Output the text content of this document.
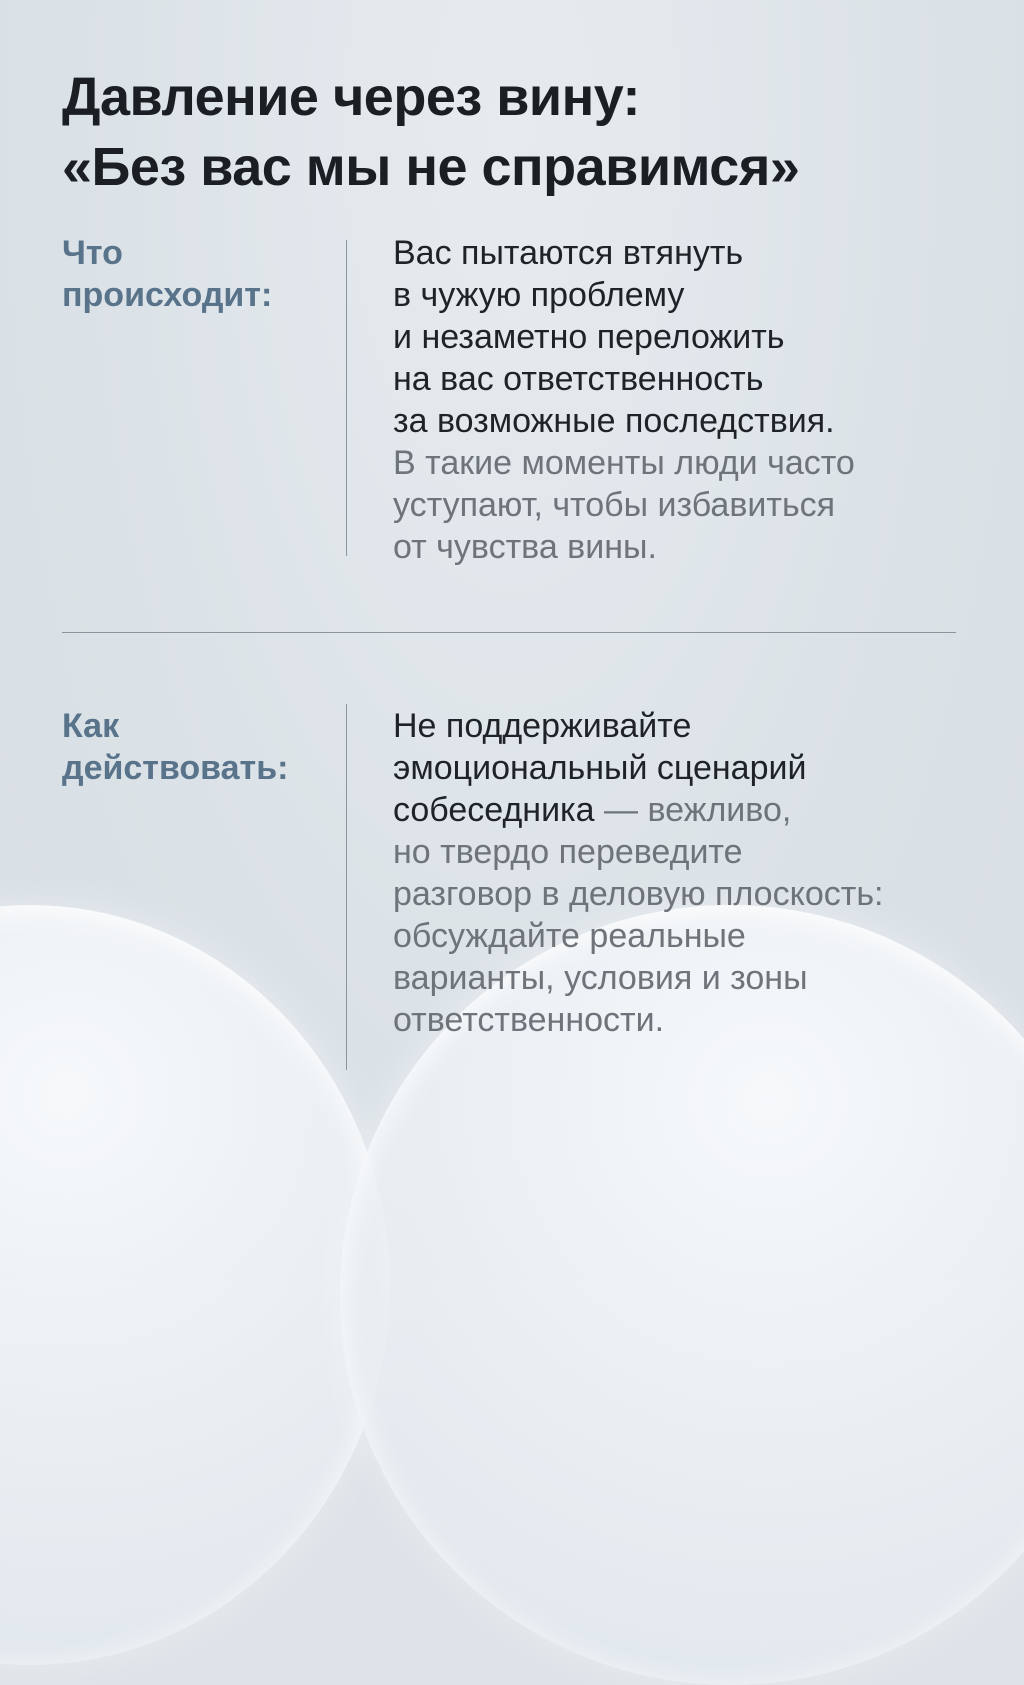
Давление через вину:
«Без вас мы не справимся»
Что
происходит:
Вас пытаются втянуть
в чужую проблему
и незаметно переложить
на вас ответственность
за возможные последствия.
В такие моменты люди часто
уступают, чтобы избавиться
от чувства вины.
Как
действовать:
Не поддерживайте
эмоциональный сценарий
собеседника — вежливо,
но твердо переведите
разговор в деловую плоскость:
обсуждайте реальные
варианты, условия и зоны
ответственности.
